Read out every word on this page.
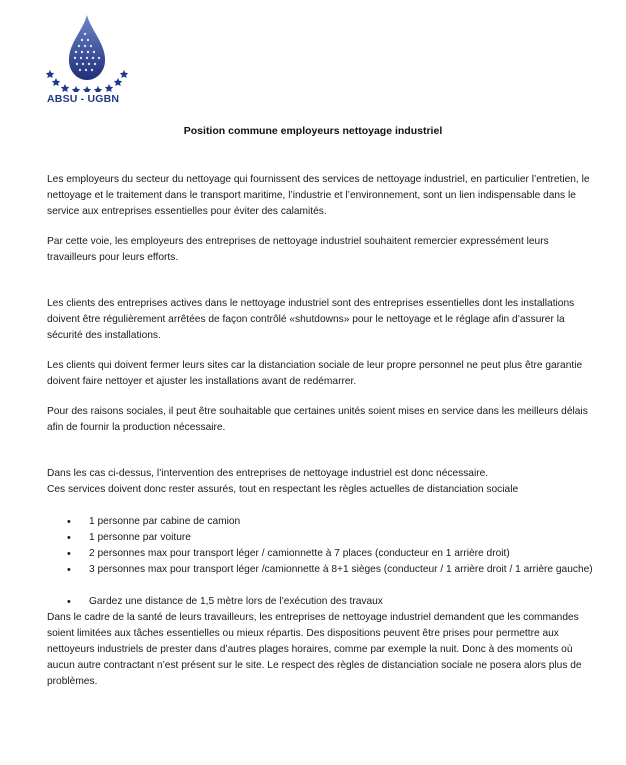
ABSU - UGBN
Position commune employeurs nettoyage industriel

Les employeurs du secteur du nettoyage qui fournissent des services de nettoyage industriel, en particulier l’entretien, le nettoyage et le traitement dans le transport maritime, l’industrie et l’environnement, sont un lien indispensable dans le service aux entreprises essentielles pour éviter des calamités.

Par cette voie, les employeurs des entreprises de nettoyage industriel souhaitent remercier expressément leurs travailleurs pour leurs efforts.

Les clients des entreprises actives dans le nettoyage industriel sont des entreprises essentielles dont les installations doivent être régulièrement arrêtées de façon contrôlé «shutdowns» pour le nettoyage et le réglage afin d’assurer la sécurité des installations.

Les clients qui doivent fermer leurs sites car la distanciation sociale de leur propre personnel ne peut plus être garantie doivent faire nettoyer et ajuster les installations avant de redémarrer.

Pour des raisons sociales, il peut être souhaitable que certaines unités soient mises en service dans les meilleurs délais afin de fournir la production nécessaire.

Dans les cas ci-dessus, l’intervention des entreprises de nettoyage industriel est donc nécessaire.

Ces services doivent donc rester assurés, tout en respectant les règles actuelles de distanciation sociale

• 1 personne par cabine de camion
• 1 personne par voiture
• 2 personnes max pour transport léger / camionnette à 7 places (conducteur en 1 arrière droit)
• 3 personnes max pour transport léger /camionnette à 8+1 sièges (conducteur / 1 arrière droit / 1 arrière gauche)
• Gardez une distance de 1,5 mètre lors de l’exécution des travaux

Dans le cadre de la santé de leurs travailleurs, les entreprises de nettoyage industriel demandent que les commandes soient limitées aux tâches essentielles ou mieux répartis. Des dispositions peuvent être prises pour permettre aux nettoyeurs industriels de prester dans d’autres plages horaires, comme par exemple la nuit. Donc à des moments où aucun autre contractant n’est présent sur le site. Le respect des règles de distanciation sociale ne posera alors plus de problèmes.
